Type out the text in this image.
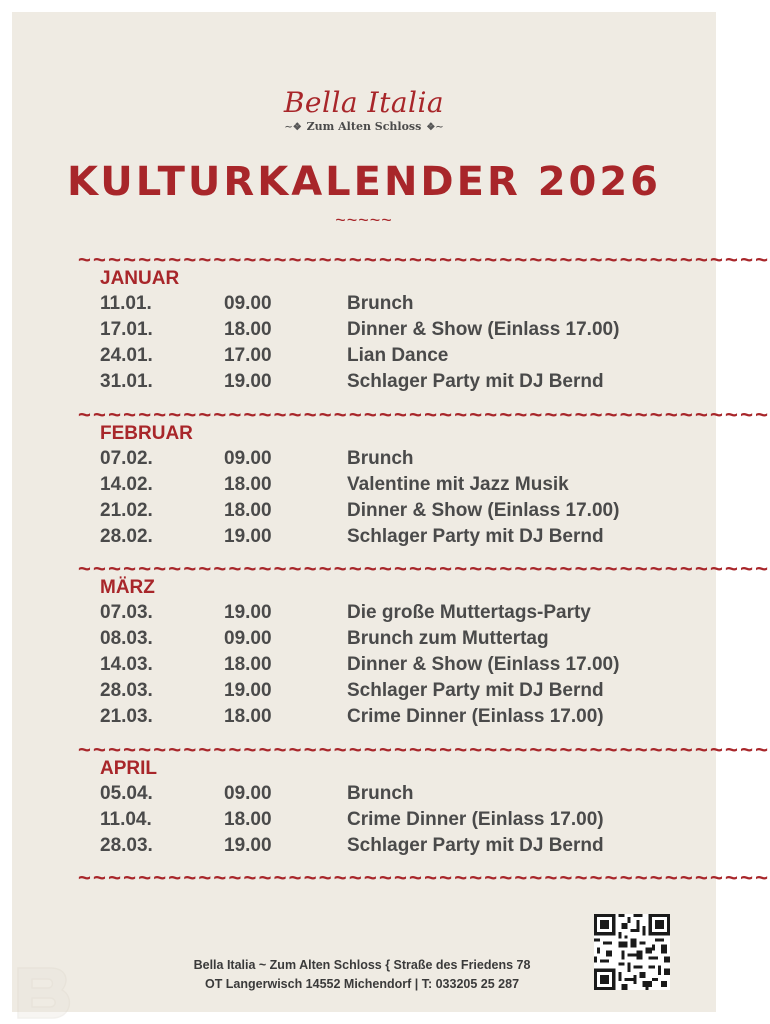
Bella Italia
∼❖ Zum Alten Schloss ❖∼
KULTURKALENDER 2026
~~~~~
~~~~~~~~~~~~~~~~~~~~~~~~~~~~~~~~~~~~~~~~~~~~~~
JANUAR
11.01.	09.00	Brunch
17.01.	18.00	Dinner & Show (Einlass 17.00)
24.01.	17.00	Lian Dance
31.01.	19.00	Schlager Party mit DJ Bernd
~~~~~~~~~~~~~~~~~~~~~~~~~~~~~~~~~~~~~~~~~~~~~~
FEBRUAR
07.02.	09.00	Brunch
14.02.	18.00	Valentine mit Jazz Musik
21.02.	18.00	Dinner & Show (Einlass 17.00)
28.02.	19.00	Schlager Party mit DJ Bernd
~~~~~~~~~~~~~~~~~~~~~~~~~~~~~~~~~~~~~~~~~~~~~~
MÄRZ
07.03.	19.00	Die große Muttertags-Party
08.03.	09.00	Brunch zum Muttertag
14.03.	18.00	Dinner & Show (Einlass 17.00)
28.03.	19.00	Schlager Party mit DJ Bernd
21.03.	18.00	Crime Dinner (Einlass 17.00)
~~~~~~~~~~~~~~~~~~~~~~~~~~~~~~~~~~~~~~~~~~~~~~
APRIL
05.04.	09.00	Brunch
11.04.	18.00	Crime Dinner (Einlass 17.00)
28.03.	19.00	Schlager Party mit DJ Bernd
~~~~~~~~~~~~~~~~~~~~~~~~~~~~~~~~~~~~~~~~~~~~~~
Bella Italia ~ Zum Alten Schloss { Straße des Friedens 78
OT Langerwisch 14552 Michendorf | T: 033205 25 287
